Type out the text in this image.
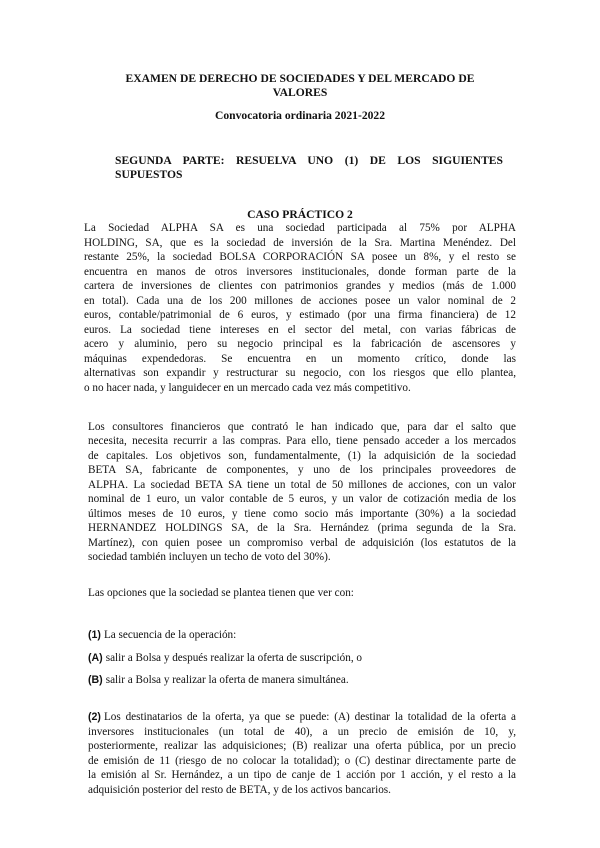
EXAMEN DE DERECHO DE SOCIEDADES Y DEL MERCADO DE
VALORES
Convocatoria ordinaria 2021-2022
SEGUNDA PARTE: RESUELVA UNO (1) DE LOS SIGUIENTES
SUPUESTOS
CASO PRÁCTICO 2
La Sociedad ALPHA SA es una sociedad participada al 75% por ALPHA
HOLDING, SA, que es la sociedad de inversión de la Sra. Martina Menéndez. Del
restante 25%, la sociedad BOLSA CORPORACIÓN SA posee un 8%, y el resto se
encuentra en manos de otros inversores institucionales, donde forman parte de la
cartera de inversiones de clientes con patrimonios grandes y medios (más de 1.000
en total). Cada una de los 200 millones de acciones posee un valor nominal de 2
euros, contable/patrimonial de 6 euros, y estimado (por una firma financiera) de 12
euros. La sociedad tiene intereses en el sector del metal, con varias fábricas de
acero y aluminio, pero su negocio principal es la fabricación de ascensores y
máquinas expendedoras. Se encuentra en un momento crítico, donde las
alternativas son expandir y restructurar su negocio, con los riesgos que ello plantea,
o no hacer nada, y languidecer en un mercado cada vez más competitivo.
Los consultores financieros que contrató le han indicado que, para dar el salto que
necesita, necesita recurrir a las compras. Para ello, tiene pensado acceder a los mercados
de capitales. Los objetivos son, fundamentalmente, (1) la adquisición de la sociedad
BETA SA, fabricante de componentes, y uno de los principales proveedores de
ALPHA. La sociedad BETA SA tiene un total de 50 millones de acciones, con un valor
nominal de 1 euro, un valor contable de 5 euros, y un valor de cotización media de los
últimos meses de 10 euros, y tiene como socio más importante (30%) a la sociedad
HERNANDEZ HOLDINGS SA, de la Sra. Hernández (prima segunda de la Sra.
Martínez), con quien posee un compromiso verbal de adquisición (los estatutos de la
sociedad también incluyen un techo de voto del 30%).
Las opciones que la sociedad se plantea tienen que ver con:
(1) La secuencia de la operación:
(A) salir a Bolsa y después realizar la oferta de suscripción, o
(B) salir a Bolsa y realizar la oferta de manera simultánea.
(2) Los destinatarios de la oferta, ya que se puede: (A) destinar la totalidad de la oferta a
inversores institucionales (un total de 40), a un precio de emisión de 10, y,
posteriormente, realizar las adquisiciones; (B) realizar una oferta pública, por un precio
de emisión de 11 (riesgo de no colocar la totalidad); o (C) destinar directamente parte de
la emisión al Sr. Hernández, a un tipo de canje de 1 acción por 1 acción, y el resto a la
adquisición posterior del resto de BETA, y de los activos bancarios.
